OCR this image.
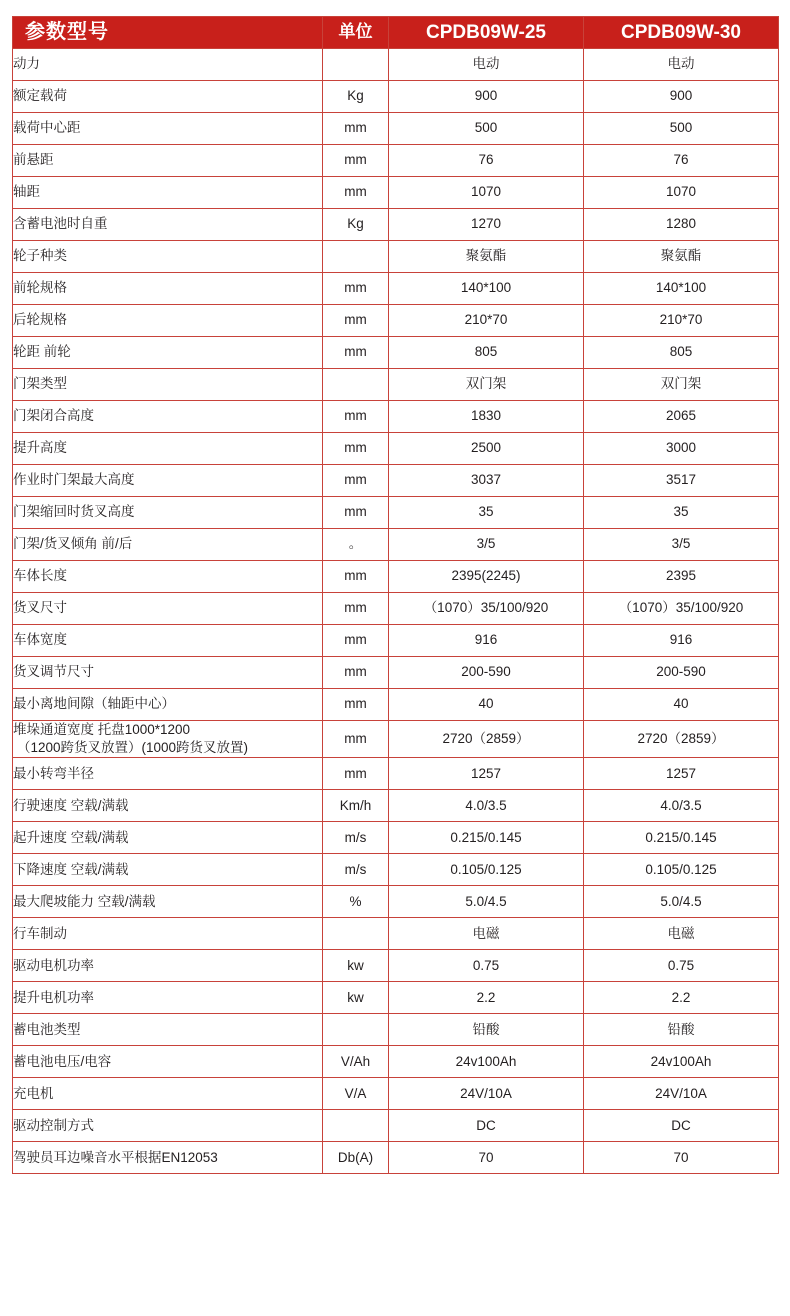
参数型号	单位	CPDB09W-25	CPDB09W-30
动力		电动	电动
额定载荷	Kg	900	900
载荷中心距	mm	500	500
前悬距	mm	76	76
轴距	mm	1070	1070
含蓄电池时自重	Kg	1270	1280
轮子种类		聚氨酯	聚氨酯
前轮规格	mm	140*100	140*100
后轮规格	mm	210*70	210*70
轮距 前轮	mm	805	805
门架类型		双门架	双门架
门架闭合高度	mm	1830	2065
提升高度	mm	2500	3000
作业时门架最大高度	mm	3037	3517
门架缩回时货叉高度	mm	35	35
门架/货叉倾角 前/后	。	3/5	3/5
车体长度	mm	2395(2245)	2395
货叉尺寸	mm	（1070）35/100/920	（1070）35/100/920
车体宽度	mm	916	916
货叉调节尺寸	mm	200-590	200-590
最小离地间隙（轴距中心）	mm	40	40
堆垛通道宽度 托盘1000*1200
（1200跨货叉放置）(1000跨货叉放置)	mm	2720（2859）	2720（2859）
最小转弯半径	mm	1257	1257
行驶速度 空载/满载	Km/h	4.0/3.5	4.0/3.5
起升速度 空载/满载	m/s	0.215/0.145	0.215/0.145
下降速度 空载/满载	m/s	0.105/0.125	0.105/0.125
最大爬坡能力 空载/满载	%	5.0/4.5	5.0/4.5
行车制动		电磁	电磁
驱动电机功率	kw	0.75	0.75
提升电机功率	kw	2.2	2.2
蓄电池类型		铅酸	铅酸
蓄电池电压/电容	V/Ah	24v100Ah	24v100Ah
充电机	V/A	24V/10A	24V/10A
驱动控制方式		DC	DC
驾驶员耳边噪音水平根据EN12053	Db(A)	70	70
